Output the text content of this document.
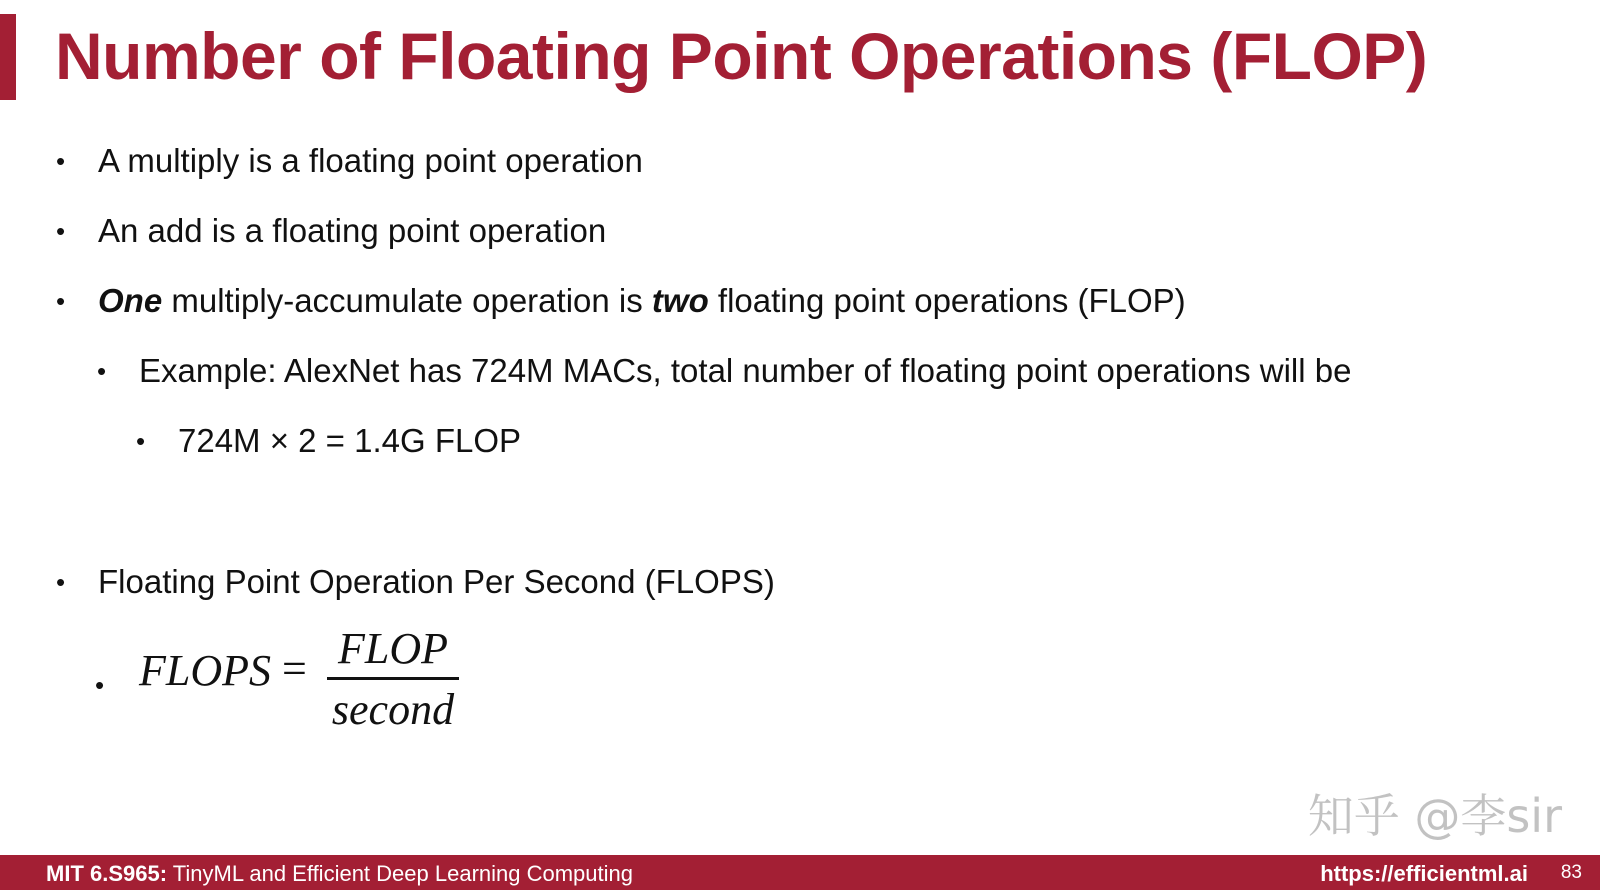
Number of Floating Point Operations (FLOP)
• A multiply is a floating point operation
• An add is a floating point operation
• One multiply-accumulate operation is two floating point operations (FLOP)
• Example: AlexNet has 724M MACs, total number of floating point operations will be
• 724M × 2 = 1.4G FLOP
• Floating Point Operation Per Second (FLOPS)
• FLOPS = FLOP
second
知乎 @李sir
MIT 6.S965: TinyML and Efficient Deep Learning Computing	https://efficientml.ai 83
